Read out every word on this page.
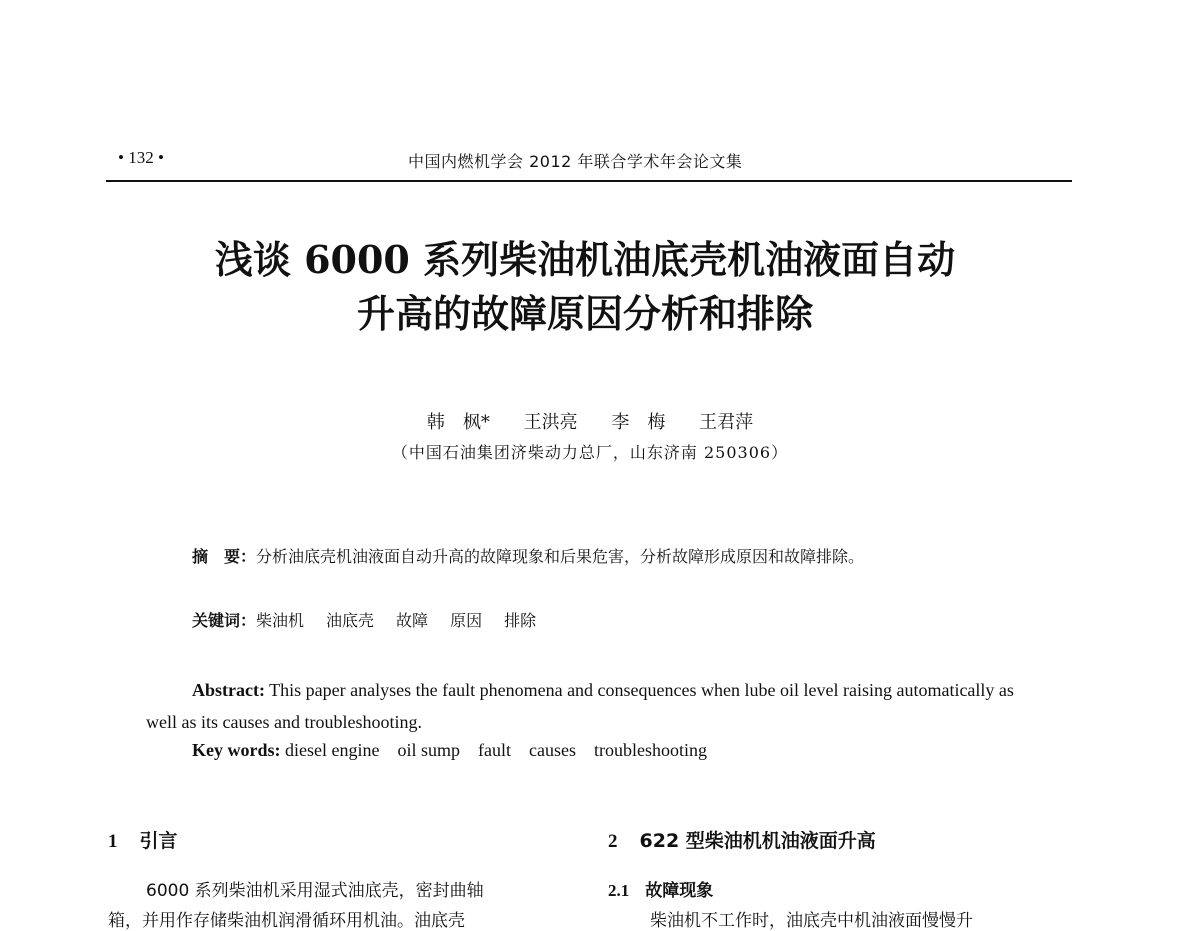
• 132 •	中国内燃机学会 2012 年联合学术年会论文集
浅谈 6000 系列柴油机油底壳机油液面自动
升高的故障原因分析和排除
韩　枫* 王洪亮 李　梅 王君萍
（中国石油集团济柴动力总厂，山东济南 250306）
摘　要：分析油底壳机油液面自动升高的故障现象和后果危害，分析故障形成原因和故障排除。
关键词：柴油机 油底壳 故障 原因 排除
Abstract: This paper analyses the fault phenomena and consequences when lube oil level raising automatically as well as its causes and troubleshooting.
Key words: diesel engine oil sump fault causes troubleshooting
1 引言
6000 系列柴油机采用湿式油底壳，密封曲轴
箱，并用作存储柴油机润滑循环用机油。油底壳
2 622 型柴油机机油液面升高
2.1 故障现象
柴油机不工作时，油底壳中机油液面慢慢升
